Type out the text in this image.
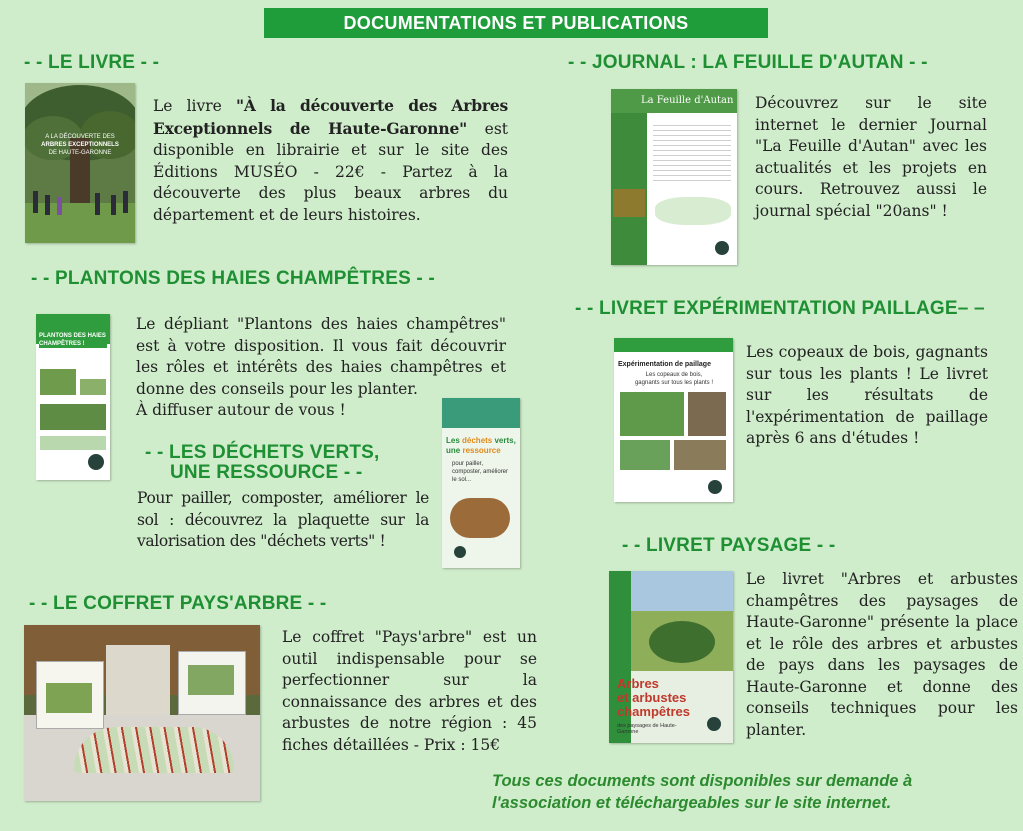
DOCUMENTATIONS ET PUBLICATIONS
- - LE LIVRE - -
A LA DÉCOUVERTE DES
ARBRES EXCEPTIONNELS
DE HAUTE-GARONNE
Le livre "À la découverte des Arbres Exceptionnels de Haute-Garonne" est disponible en librairie et sur le site des Éditions MUSÉO - 22€ - Partez à la découverte des plus beaux arbres du département et de leurs histoires.
- - PLANTONS DES HAIES CHAMPÊTRES - -
PLANTONS DES HAIES CHAMPÊTRES !
Le dépliant "Plantons des haies champêtres" est à votre disposition. Il vous fait découvrir les rôles et intérêts des haies champêtres et donne des conseils pour les planter.
À diffuser autour de vous !
- - LES DÉCHETS VERTS,
UNE RESSOURCE - -
Pour pailler, composter, améliorer le sol : découvrez la plaquette sur la valorisation des "déchets verts" !
Les déchets verts,
une ressource
pour pailler, composter, améliorer le sol...
- - LE COFFRET PAYS'ARBRE - -
Le coffret "Pays'arbre" est un outil indispensable pour se perfectionner sur la connaissance des arbres et des arbustes de notre région : 45 fiches détaillées - Prix : 15€
- - JOURNAL : LA FEUILLE D'AUTAN - -
La Feuille d'Autan Découvrez sur le site internet le dernier Journal "La Feuille d'Autan" avec les actualités et les projets en cours. Retrouvez aussi le journal spécial "20ans" !
- - LIVRET EXPÉRIMENTATION PAILLAGE– –
Expérimentation de paillage
Les copeaux de bois,
gagnants sur tous les plants !
Les copeaux de bois, gagnants sur tous les plants ! Le livret sur les résultats de l'expérimentation de paillage après 6 ans d'études !
- - LIVRET PAYSAGE - -
Arbres
et arbustes
champêtres
des paysages de Haute-Garonne
Le livret "Arbres et arbustes champêtres des paysages de Haute-Garonne" présente la place et le rôle des arbres et arbustes de pays dans les paysages de Haute-Garonne et donne des conseils techniques pour les planter.
Tous ces documents sont disponibles sur demande à l'association et téléchargeables sur le site internet.
